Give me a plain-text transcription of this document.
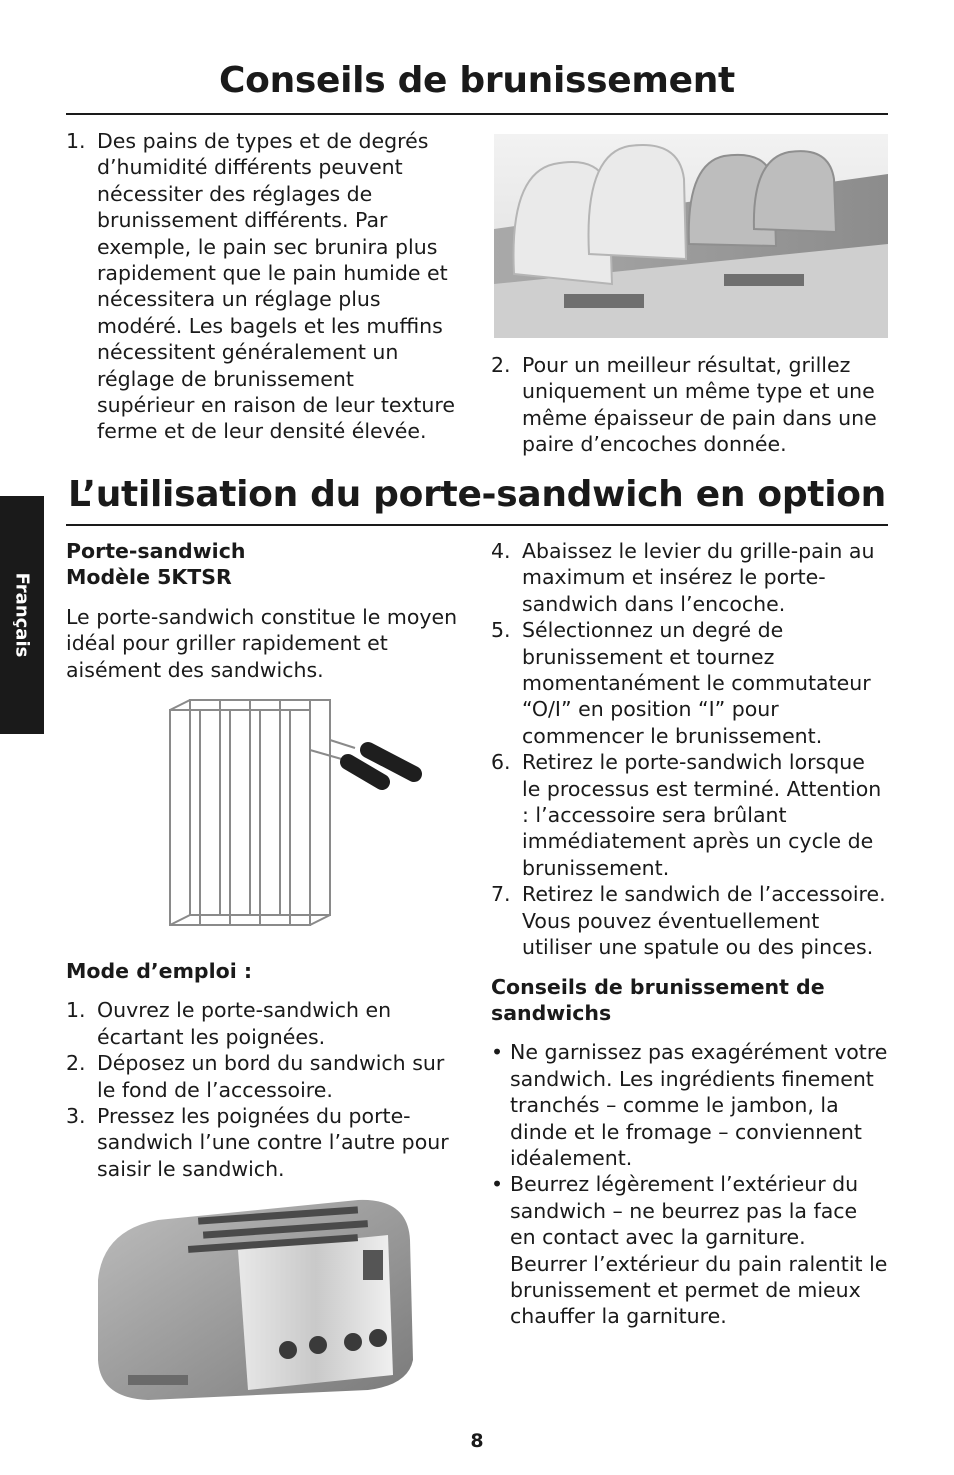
Conseils de brunissement
1. Des pains de types et de degrés d’humidité différents peuvent nécessiter des réglages de brunissement différents. Par exemple, le pain sec brunira plus rapidement que le pain humide et nécessitera un réglage plus modéré. Les bagels et les muffins nécessitent généralement un réglage de brunissement supérieur en raison de leur texture ferme et de leur densité élevée.
2. Pour un meilleur résultat, grillez uniquement un même type et une même épaisseur de pain dans une paire d’encoches donnée.
Français
L’utilisation du porte-sandwich en option

Porte-sandwich
Modèle 5KTSR

Le porte-sandwich constitue le moyen idéal pour griller rapidement et aisément des sandwichs.

Mode d’emploi :

1. Ouvrez le porte-sandwich en écartant les poignées.
2. Déposez un bord du sandwich sur le fond de l’accessoire.
3. Pressez les poignées du porte-sandwich l’une contre l’autre pour saisir le sandwich.
4. Abaissez le levier du grille-pain au maximum et insérez le porte-sandwich dans l’encoche.
5. Sélectionnez un degré de brunissement et tournez momentanément le commutateur “O/I” en position “I” pour commencer le brunissement.
6. Retirez le porte-sandwich lorsque le processus est terminé. Attention : l’accessoire sera brûlant immédiatement après un cycle de brunissement.
7. Retirez le sandwich de l’accessoire. Vous pouvez éventuellement utiliser une spatule ou des pinces.

Conseils de brunissement de sandwichs

• Ne garnissez pas exagérément votre sandwich. Les ingrédients finement tranchés – comme le jambon, la dinde et le fromage – conviennent idéalement.
• Beurrez légèrement l’extérieur du sandwich – ne beurrez pas la face en contact avec la garniture. Beurrer l’extérieur du pain ralentit le brunissement et permet de mieux chauffer la garniture.
8
